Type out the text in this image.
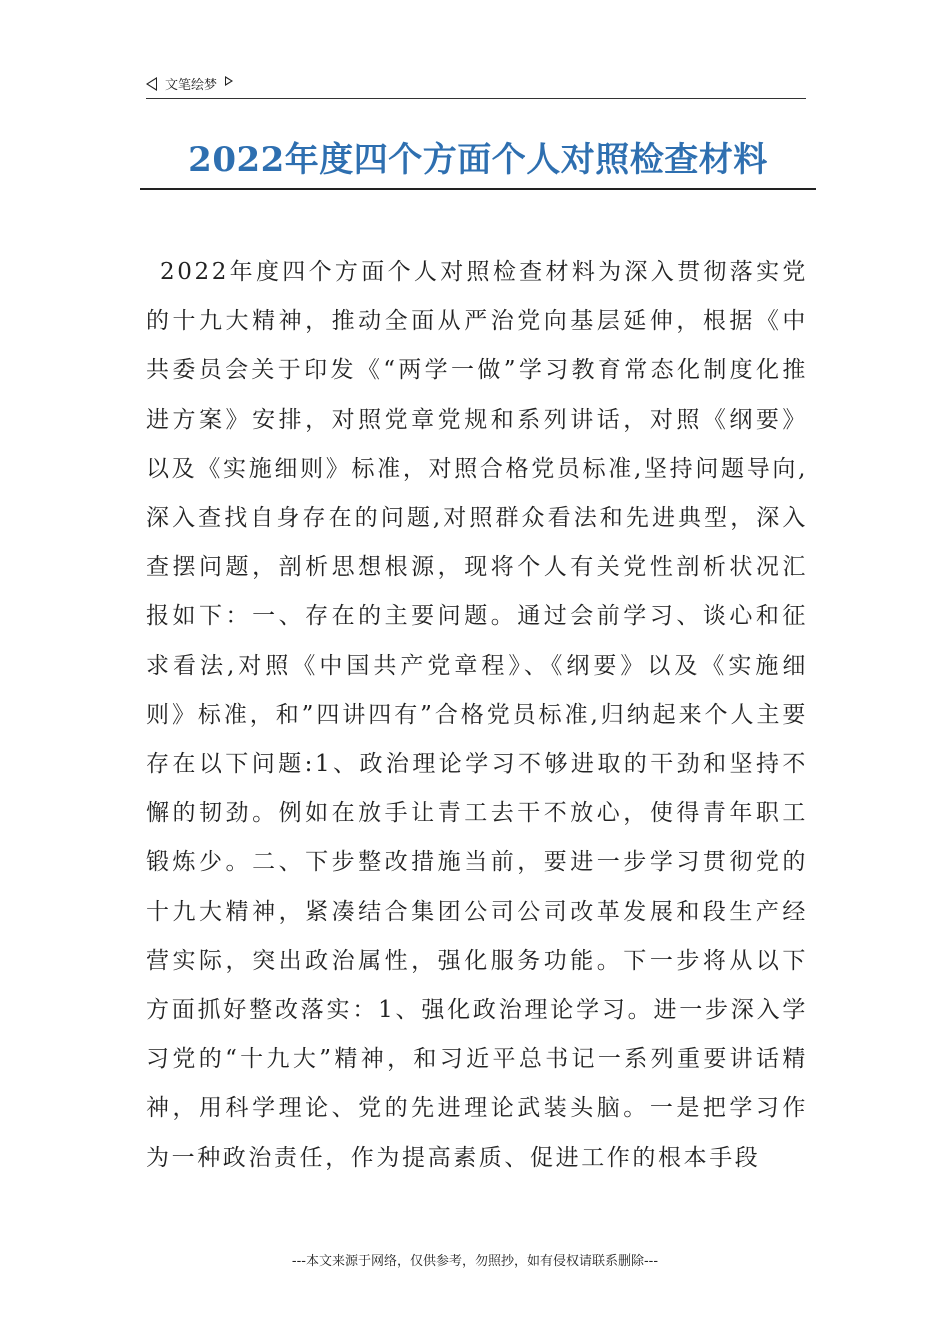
文笔绘梦
2022年度四个方面个人对照检查材料

2022年度四个方面个人对照检查材料为深入贯彻落实党的十九大精神，推动全面从严治党向基层延伸，根据《中共委员会关于印发《“两学一做”学习教育常态化制度化推进方案》安排，对照党章党规和系列讲话，对照《纲要》以及《实施细则》标准，对照合格党员标准,坚持问题导向,深入查找自身存在的问题,对照群众看法和先进典型，深入查摆问题，剖析思想根源，现将个人有关党性剖析状况汇报如下：一、存在的主要问题。通过会前学习、谈心和征求看法,对照《中国共产党章程》、《纲要》以及《实施细则》标准，和”四讲四有”合格党员标准,归纳起来个人主要存在以下问题:1、政治理论学习不够进取的干劲和坚持不懈的韧劲。例如在放手让青工去干不放心，使得青年职工锻炼少。二、下步整改措施当前，要进一步学习贯彻党的十九大精神，紧凑结合集团公司公司改革发展和段生产经营实际，突出政治属性，强化服务功能。下一步将从以下方面抓好整改落实：1、强化政治理论学习。进一步深入学习党的“十九大”精神，和习近平总书记一系列重要讲话精神，用科学理论、党的先进理论武装头脑。一是把学习作为一种政治责任，作为提高素质、促进工作的根本手段

---本文来源于网络，仅供参考，勿照抄，如有侵权请联系删除---
